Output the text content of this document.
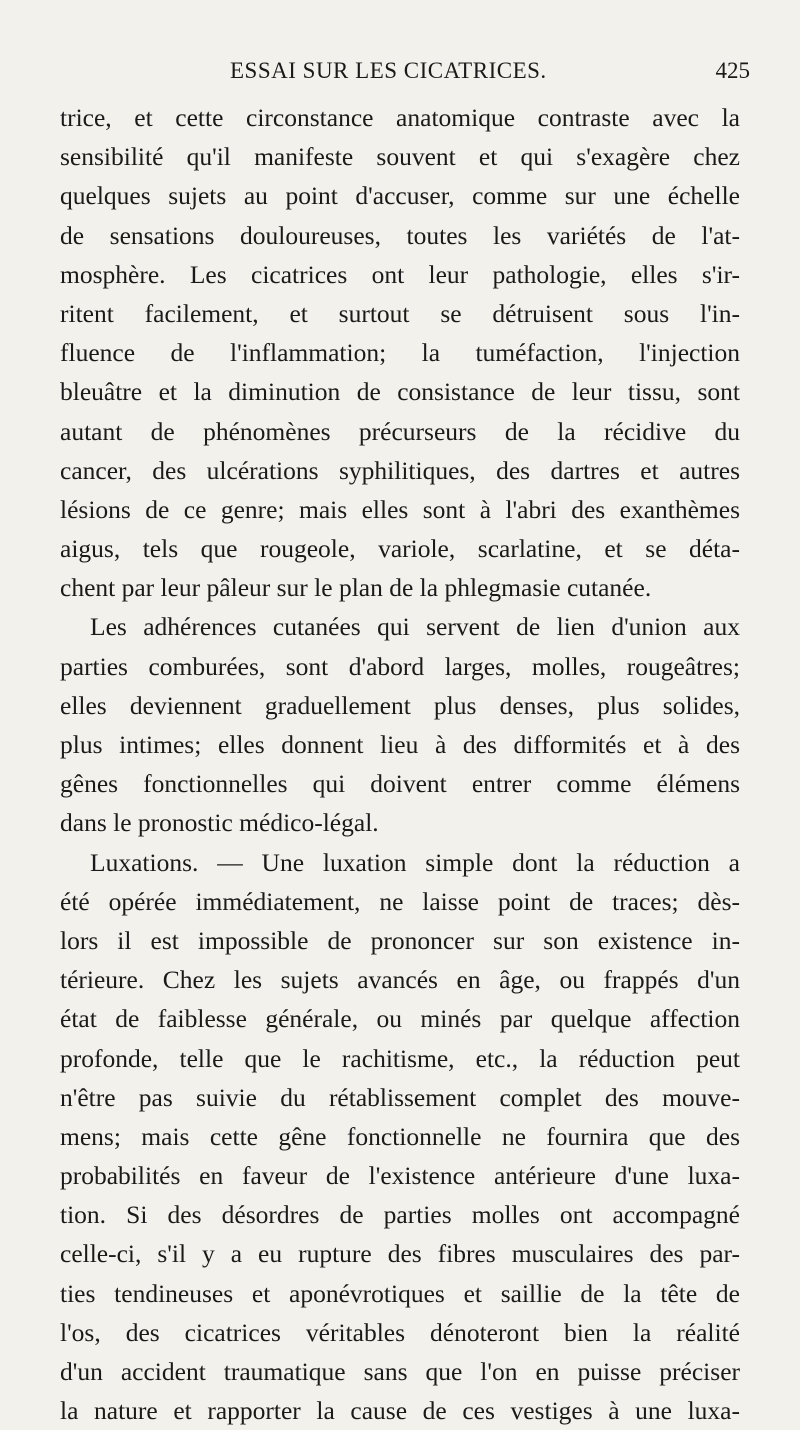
ESSAI SUR LES CICATRICES.	425
trice, et cette circonstance anatomique contraste avec la
sensibilité qu'il manifeste souvent et qui s'exagère chez
quelques sujets au point d'accuser, comme sur une échelle
de sensations douloureuses, toutes les variétés de l'at-
mosphère. Les cicatrices ont leur pathologie, elles s'ir-
ritent facilement, et surtout se détruisent sous l'in-
fluence de l'inflammation; la tuméfaction, l'injection
bleuâtre et la diminution de consistance de leur tissu, sont
autant de phénomènes précurseurs de la récidive du
cancer, des ulcérations syphilitiques, des dartres et autres
lésions de ce genre; mais elles sont à l'abri des exanthèmes
aigus, tels que rougeole, variole, scarlatine, et se déta-
chent par leur pâleur sur le plan de la phlegmasie cutanée.
Les adhérences cutanées qui servent de lien d'union aux
parties comburées, sont d'abord larges, molles, rougeâtres;
elles deviennent graduellement plus denses, plus solides,
plus intimes; elles donnent lieu à des difformités et à des
gênes fonctionnelles qui doivent entrer comme élémens
dans le pronostic médico-légal.
Luxations. — Une luxation simple dont la réduction a
été opérée immédiatement, ne laisse point de traces; dès-
lors il est impossible de prononcer sur son existence in-
térieure. Chez les sujets avancés en âge, ou frappés d'un
état de faiblesse générale, ou minés par quelque affection
profonde, telle que le rachitisme, etc., la réduction peut
n'être pas suivie du rétablissement complet des mouve-
mens; mais cette gêne fonctionnelle ne fournira que des
probabilités en faveur de l'existence antérieure d'une luxa-
tion. Si des désordres de parties molles ont accompagné
celle-ci, s'il y a eu rupture des fibres musculaires des par-
ties tendineuses et aponévrotiques et saillie de la tête de
l'os, des cicatrices véritables dénoteront bien la réalité
d'un accident traumatique sans que l'on en puisse préciser
la nature et rapporter la cause de ces vestiges à une luxa-
